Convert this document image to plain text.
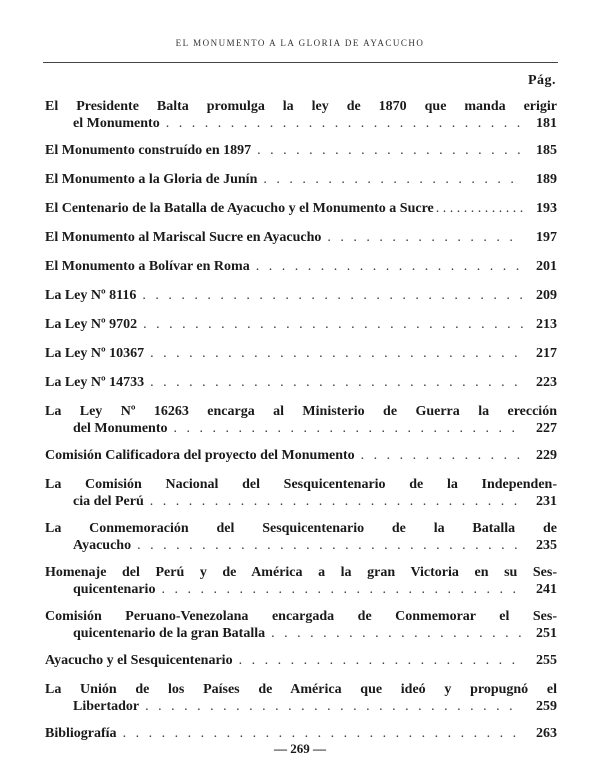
EL MONUMENTO A LA GLORIA DE AYACUCHO
Pág.
El Presidente Balta promulga la ley de 1870 que manda erigir
el Monumento . . .	181
El Monumento construído en 1897 . . .	185
El Monumento a la Gloria de Junín . . .	189
El Centenario de la Batalla de Ayacucho y el Monumento a Sucre . . .	193
El Monumento al Mariscal Sucre en Ayacucho . . .	197
El Monumento a Bolívar en Roma . . .	201
La Ley Nº 8116 . . .	209
La Ley Nº 9702 . . .	213
La Ley Nº 10367 . . .	217
La Ley Nº 14733 . . .	223
La Ley Nº 16263 encarga al Ministerio de Guerra la erección
del Monumento . . .	227
Comisión Calificadora del proyecto del Monumento . . .	229
La Comisión Nacional del Sesquicentenario de la Independen-
cia del Perú . . .	231
La Conmemoración del Sesquicentenario de la Batalla de
Ayacucho . . .	235
Homenaje del Perú y de América a la gran Victoria en su Ses-
quicentenario . . .	241
Comisión Peruano-Venezolana encargada de Conmemorar el Ses-
quicentenario de la gran Batalla . . .	251
Ayacucho y el Sesquicentenario . . .	255
La Unión de los Países de América que ideó y propugnó el
Libertador . . .	259
Bibliografía . . .	263
— 269 —
